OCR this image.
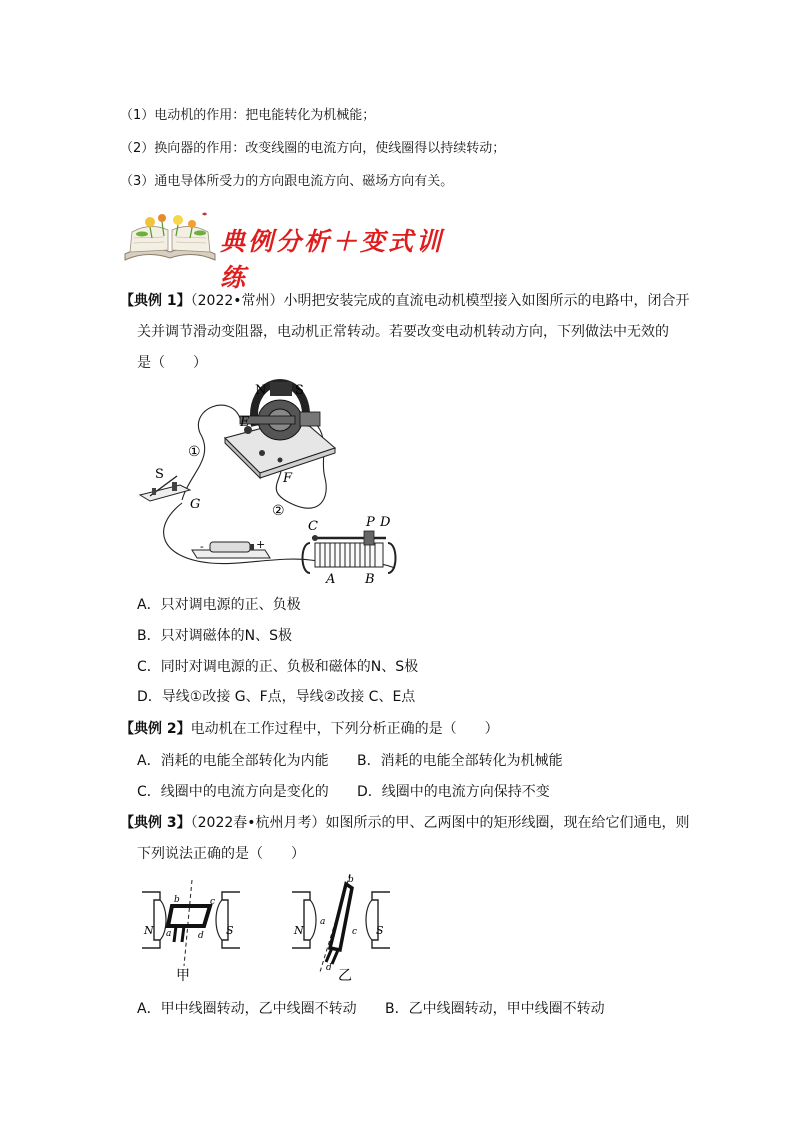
（1）电动机的作用：把电能转化为机械能；
（2）换向器的作用：改变线圈的电流方向，使线圈得以持续转动；
（3）通电导体所受力的方向跟电流方向、磁场方向有关。
典例分析＋变式训练
【典例 1】（2022•常州）小明把安装完成的直流电动机模型接入如图所示的电路中，闭合开
关并调节滑动变阻器，电动机正常转动。若要改变电动机转动方向，下列做法中无效的
是（　　）
N S
E
F
①
②
S
G
-	+
C	P D
A B
A．只对调电源的正、负极
B．只对调磁体的N、S极
C．同时对调电源的正、负极和磁体的N、S极
D．导线①改接 G、F点，导线②改接 C、E点
【典例 2】电动机在工作过程中，下列分析正确的是（　　）
A．消耗的电能全部转化为内能 B．消耗的电能全部转化为机械能
C．线圈中的电流方向是变化的 D．线圈中的电流方向保持不变
【典例 3】（2022春•杭州月考）如图所示的甲、乙两图中的矩形线圈，现在给它们通电，则
下列说法正确的是（　　）
N	S
b	c
a	d
甲
N	S
b
c
a
d 乙
A．甲中线圈转动，乙中线圈不转动 B．乙中线圈转动，甲中线圈不转动
